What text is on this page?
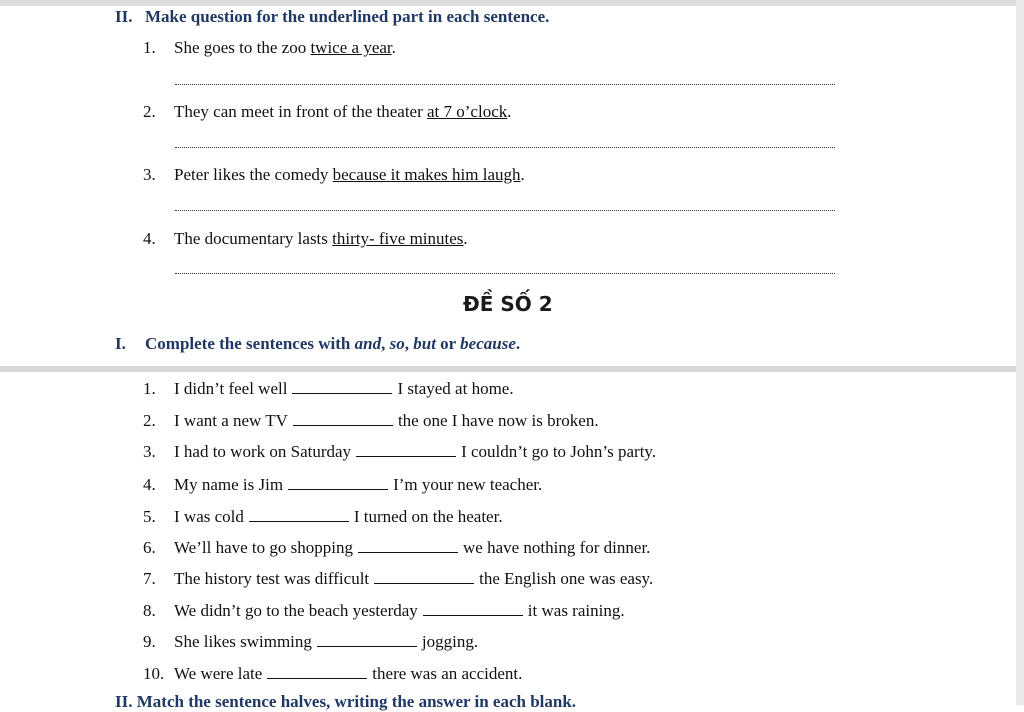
II. Make question for the underlined part in each sentence.
1. She goes to the zoo twice a year.
2. They can meet in front of the theater at 7 o’clock.
3. Peter likes the comedy because it makes him laugh.
4. The documentary lasts thirty- five minutes.
ĐỀ SỐ 2
I. Complete the sentences with and, so, but or because.
1. I didn’t feel well	I stayed at home.
2. I want a new TV	the one I have now is broken.
3. I had to work on Saturday	I couldn’t go to John’s party.
4. My name is Jim	I’m your new teacher.
5. I was cold	I turned on the heater.
6. We’ll have to go shopping	we have nothing for dinner.
7. The history test was difficult	the English one was easy.
8. We didn’t go to the beach yesterday	it was raining.
9. She likes swimming	jogging.
10. We were late	there was an accident.
II. Match the sentence halves, writing the answer in each blank.
